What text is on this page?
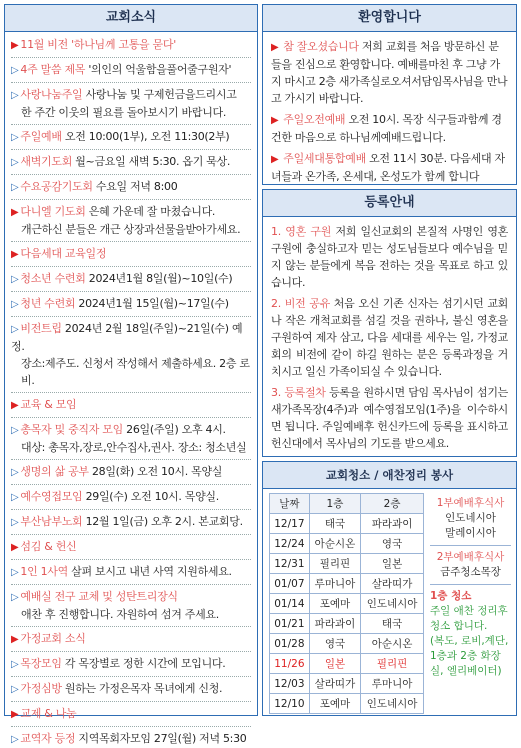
교회소식
▶ 11월 비전 '하나님께 고통을 묻다'
▷ 4주 말씀 제목 '의인의 억울함을풀어줄구원자'
▷ 사랑나눔주일 사랑나눔 및 구제헌금을드리시고
한 주간 이웃의 필요를 돌아보시기 바랍니다.
▷ 주일예배 오전 10:00(1부), 오전 11:30(2부)
▷ 새벽기도회 월~금요일 새벽 5:30. 옵기 묵상.
▷ 수요공감기도회 수요일 저녁 8:00
▶ 다니엘 기도회 은혜 가운데 잘 마쳤습니다.
개근하신 분들은 개근 상장과선물을받아가세요.
▶ 다음세대 교육일정
▷ 청소년 수련회 2024년1월 8일(월)~10일(수)
▷ 청년 수련회 2024년1월 15일(월)~17일(수)
▷ 비전트립 2024년 2월 18일(주일)~21일(수) 예정.
장소:제주도. 신청서 작성해서 제출하세요. 2층 로비.
▶ 교육 & 모임
▷ 총목자 및 중직자 모임 26일(주일) 오후 4시.
대상: 총목자,장로,안수집사,권사. 장소: 청소년실
▷ 생명의 삶 공부 28일(화) 오전 10시. 목양실
▷ 예수영접모임 29일(수) 오전 10시. 목양실.
▷ 부산남부노회 12월 1일(금) 오후 2시. 본교회당.
▶ 섬김 & 헌신
▷ 1인 1사역 살펴 보시고 내년 사역 지원하세요.
▷ 예배실 전구 교체 및 성탄트리장식
애찬 후 진행합니다. 자원하여 섬겨 주세요.
▶ 가정교회 소식
▷ 목장모임 각 목장별로 정한 시간에 모입니다.
▷ 가정심방 원하는 가정은목자 목녀에게 신청.
▶ 교제 & 나눔
▷ 교역자 등정 지역목회자모임 27일(월) 저녁 5:30
환영합니다

▶ 참 잘오셨습니다 저희 교회를 처음 방문하신 분들을 진심으로 환영합니다. 예배를마친 후 그냥 가지 마시고 2층 새가족실로오셔서담임목사님을 만나고 가시기 바랍니다.

▶ 주일오전예배 오전 10시. 목장 식구들과함께 경건한 마음으로 하나님께예배드립니다.

▶ 주일세대통합예배 오전 11시 30분. 다음세대 자녀들과 온가족, 온세대, 온성도가 함께 합니다

등록안내

1. 영혼 구원 저희 일신교회의 본질적 사명인 영혼구원에 충실하고자 믿는 성도님들보다 예수님을 믿지 않는 분들에게 복음 전하는 것을 목표로 하고 있습니다.

2. 비전 공유 처음 오신 기존 신자는 섬기시던 교회나 작은 개척교회를 섬길 것을 권하나, 불신 영혼을 구원하여 제자 삼고, 다음 세대를 세우는 일, 가정교회의 비전에 같이 하길 원하는 분은 등록과정을 거치시고 일신 가족이되실 수 있습니다.

3. 등록절차 등록을 원하시면 담임 목사님이 섬기는 새가족목장(4주)과 예수영접모임(1주)을 이수하시면 됩니다. 주일예배후 헌신카드에 등록을 표시하고 헌신대에서 목사님의 기도를 받으세요.

교회청소 / 애찬정리 봉사
날짜	1층	2층
12/17	태국	파라과이
12/24	아순시온	영국
12/31	필리핀	일본
01/07	루마니아	살라띠가
01/14	포예마	인도네시아
01/21	파라과이	태국
01/28	영국	아순시온
11/26	일본	필리핀
12/03	살라띠가	루마니아
12/10	포예마	인도네시아
1부예배후식사
인도네시아
말레이시아
2부예배후식사
금주청소목장
1층 청소
주일 애찬 정리후 청소 합니다.
(복도, 로비,계단, 1층과 2층 화장실, 엘리베이터)
